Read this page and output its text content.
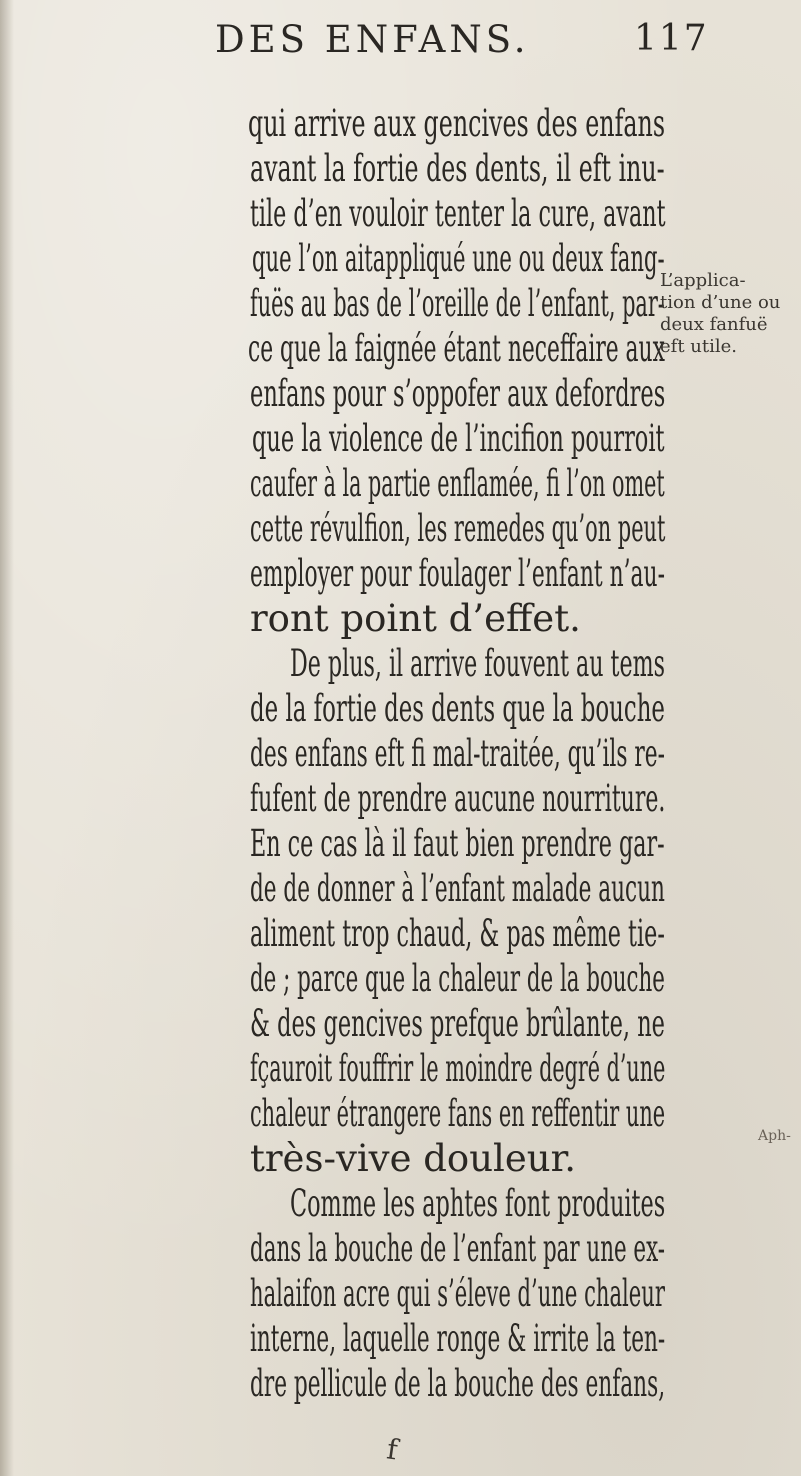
DES ENFANS.	117
qui arrive aux gencives des enfans
avant la fortie des dents, il eft inu-
tile d’en vouloir tenter la cure, avant
que l’on aitappliqué une ou deux fang-
fuës au bas de l’oreille de l’enfant, par-
ce que la faignée étant neceffaire aux
enfans pour s’oppofer aux defordres
que la violence de l’incifion pourroit
caufer à la partie enflamée, fi l’on omet
cette révulfion, les remedes qu’on peut
employer pour foulager l’enfant n’au-
ront point d’effet.
De plus, il arrive fouvent au tems
de la fortie des dents que la bouche
des enfans eft fi mal-traitée, qu’ils re-
fufent de prendre aucune nourriture.
En ce cas là il faut bien prendre gar-
de de donner à l’enfant malade aucun
aliment trop chaud, & pas même tie-
de ; parce que la chaleur de la bouche
& des gencives prefque brûlante, ne
fçauroit fouffrir le moindre degré d’une
chaleur étrangere fans en reffentir une
très-vive douleur.
Comme les aphtes font produites
dans la bouche de l’enfant par une ex-
halaifon acre qui s’éleve d’une chaleur
interne, laquelle ronge & irrite la ten-
dre pellicule de la bouche des enfans,
L’applica-
tion d’une ou
deux fanfuë
eft utile.
Aph-
f
